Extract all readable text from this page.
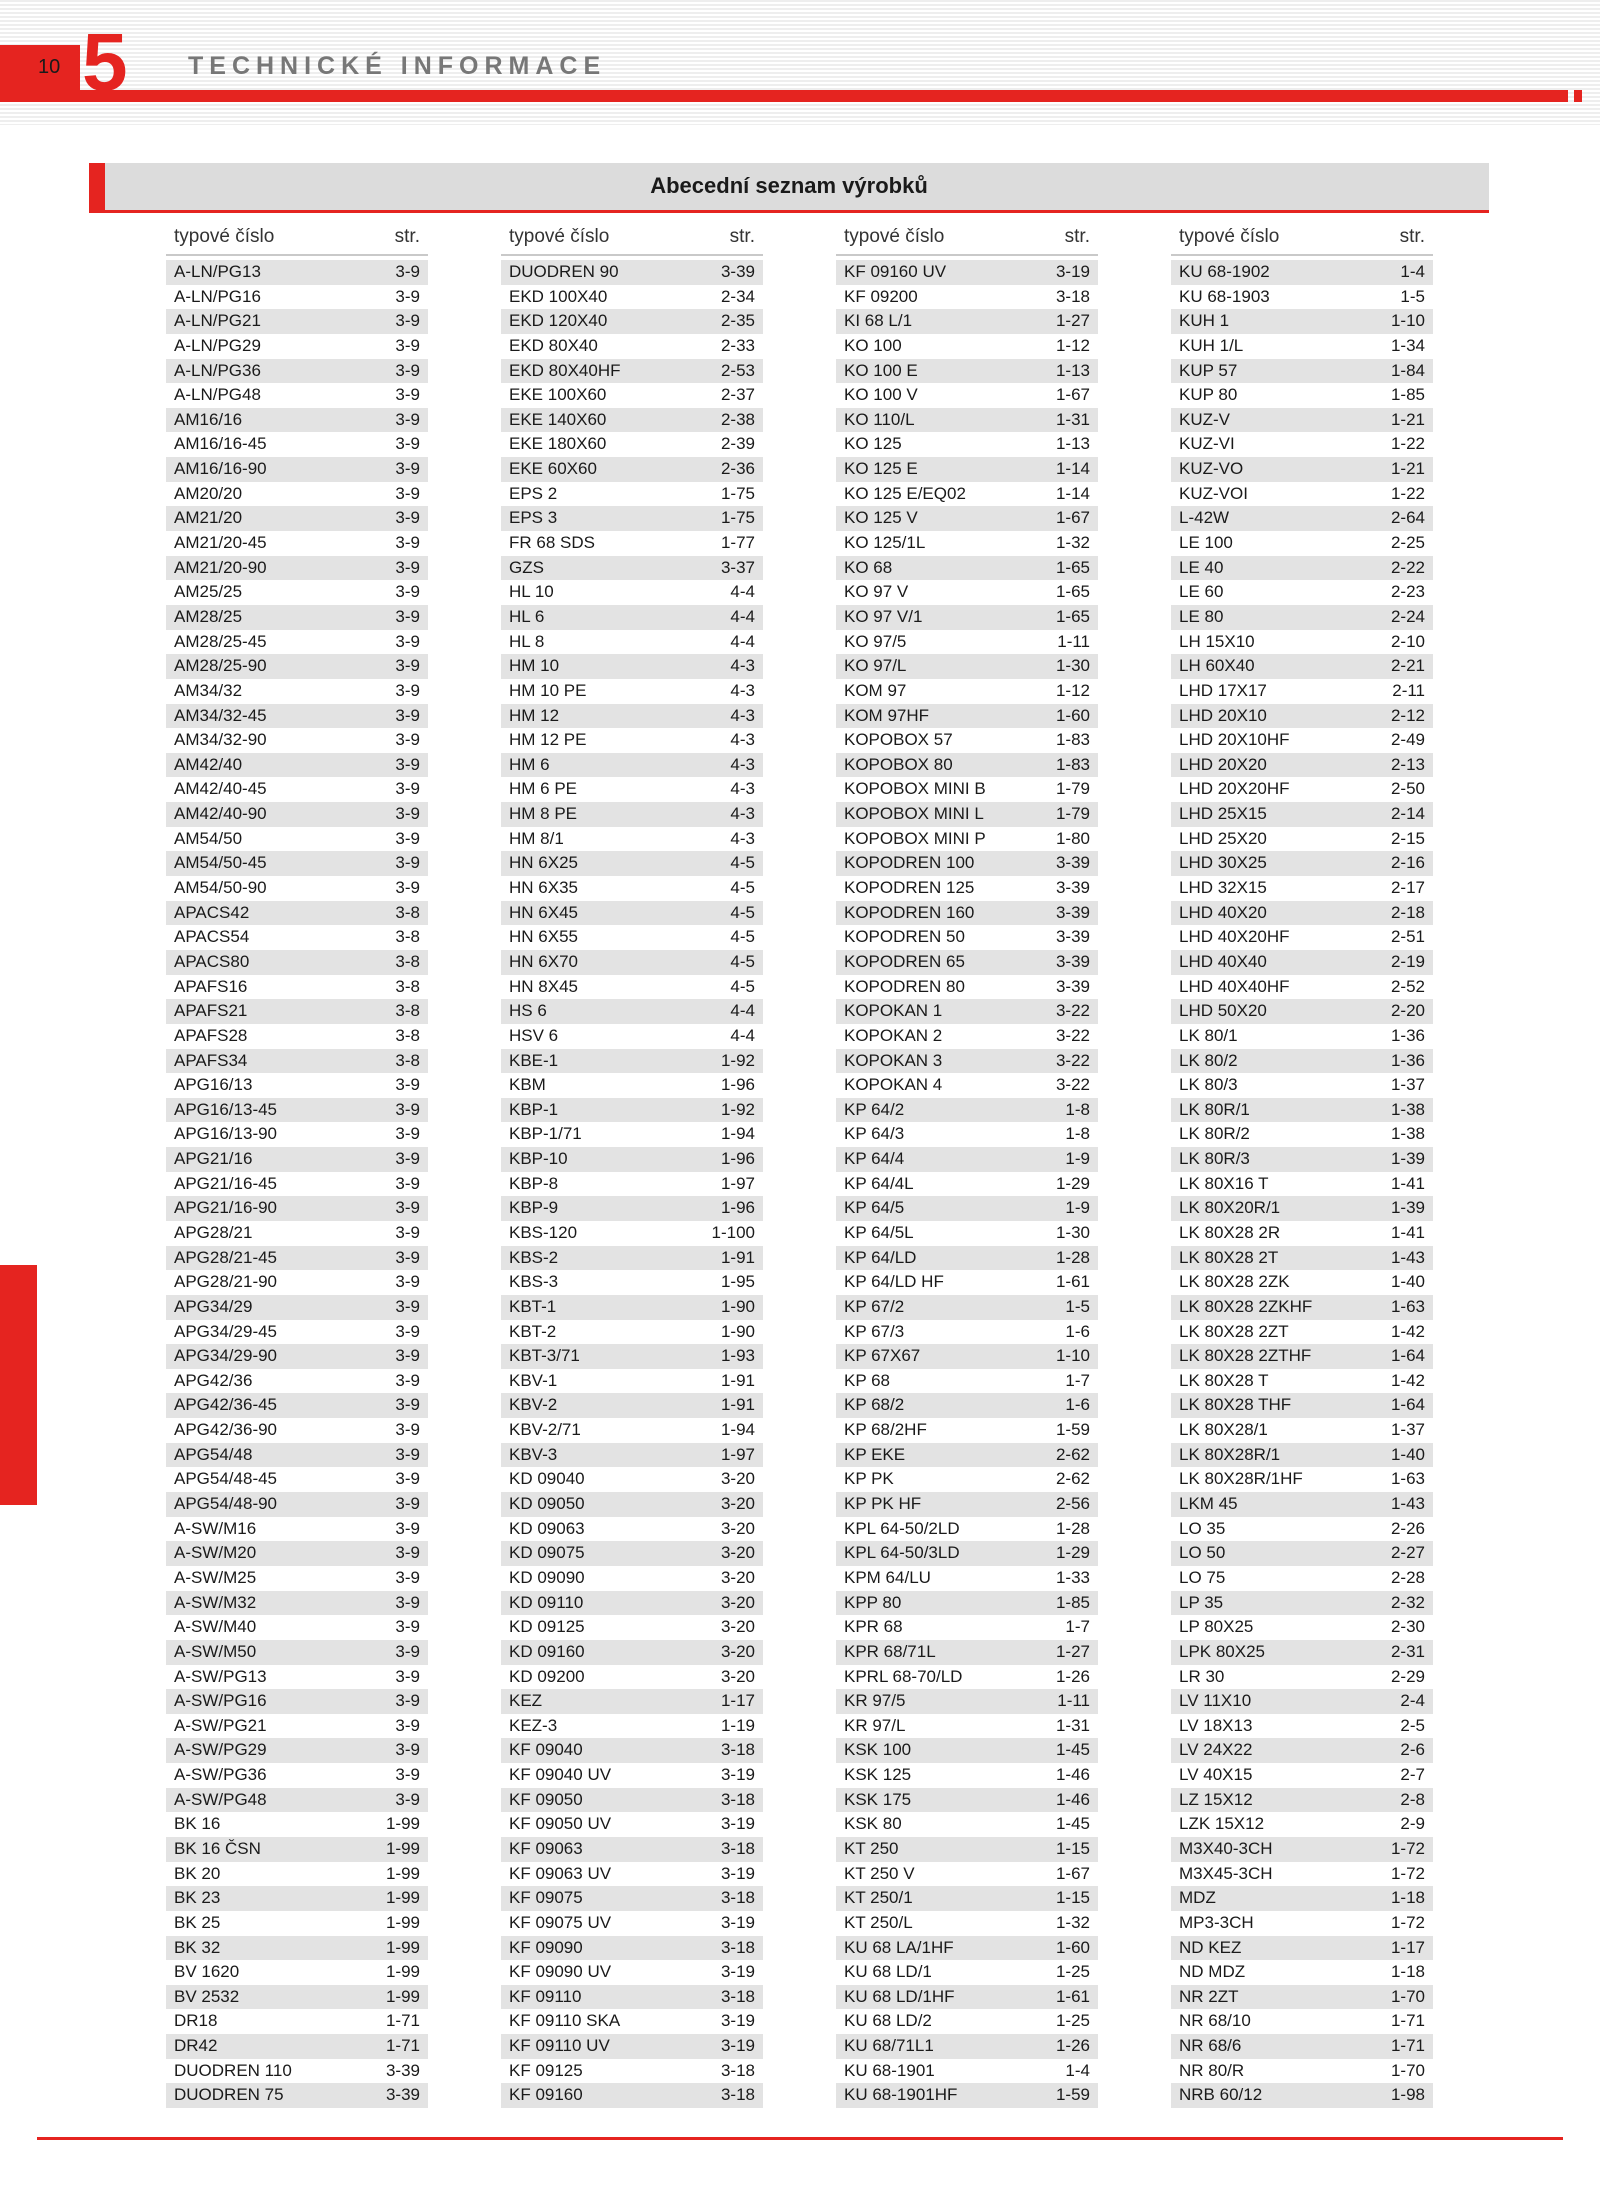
10 5 TECHNICKÉ INFORMACE
Abecední seznam výrobků
typové číslo	str.
A-LN/PG13	3-9
A-LN/PG16	3-9
A-LN/PG21	3-9
A-LN/PG29	3-9
A-LN/PG36	3-9
A-LN/PG48	3-9
AM16/16	3-9
AM16/16-45	3-9
AM16/16-90	3-9
AM20/20	3-9
AM21/20	3-9
AM21/20-45	3-9
AM21/20-90	3-9
AM25/25	3-9
AM28/25	3-9
AM28/25-45	3-9
AM28/25-90	3-9
AM34/32	3-9
AM34/32-45	3-9
AM34/32-90	3-9
AM42/40	3-9
AM42/40-45	3-9
AM42/40-90	3-9
AM54/50	3-9
AM54/50-45	3-9
AM54/50-90	3-9
APACS42	3-8
APACS54	3-8
APACS80	3-8
APAFS16	3-8
APAFS21	3-8
APAFS28	3-8
APAFS34	3-8
APG16/13	3-9
APG16/13-45	3-9
APG16/13-90	3-9
APG21/16	3-9
APG21/16-45	3-9
APG21/16-90	3-9
APG28/21	3-9
APG28/21-45	3-9
APG28/21-90	3-9
APG34/29	3-9
APG34/29-45	3-9
APG34/29-90	3-9
APG42/36	3-9
APG42/36-45	3-9
APG42/36-90	3-9
APG54/48	3-9
APG54/48-45	3-9
APG54/48-90	3-9
A-SW/M16	3-9
A-SW/M20	3-9
A-SW/M25	3-9
A-SW/M32	3-9
A-SW/M40	3-9
A-SW/M50	3-9
A-SW/PG13	3-9
A-SW/PG16	3-9
A-SW/PG21	3-9
A-SW/PG29	3-9
A-SW/PG36	3-9
A-SW/PG48	3-9
BK 16	1-99
BK 16 ČSN	1-99
BK 20	1-99
BK 23	1-99
BK 25	1-99
BK 32	1-99
BV 1620	1-99
BV 2532	1-99
DR18	1-71
DR42	1-71
DUODREN 110	3-39
DUODREN 75	3-39
typové číslo	str.
DUODREN 90	3-39
EKD 100X40	2-34
EKD 120X40	2-35
EKD 80X40	2-33
EKD 80X40HF	2-53
EKE 100X60	2-37
EKE 140X60	2-38
EKE 180X60	2-39
EKE 60X60	2-36
EPS 2	1-75
EPS 3	1-75
FR 68 SDS	1-77
GZS	3-37
HL 10	4-4
HL 6	4-4
HL 8	4-4
HM 10	4-3
HM 10 PE	4-3
HM 12	4-3
HM 12 PE	4-3
HM 6	4-3
HM 6 PE	4-3
HM 8 PE	4-3
HM 8/1	4-3
HN 6X25	4-5
HN 6X35	4-5
HN 6X45	4-5
HN 6X55	4-5
HN 6X70	4-5
HN 8X45	4-5
HS 6	4-4
HSV 6	4-4
KBE-1	1-92
KBM	1-96
KBP-1	1-92
KBP-1/71	1-94
KBP-10	1-96
KBP-8	1-97
KBP-9	1-96
KBS-120	1-100
KBS-2	1-91
KBS-3	1-95
KBT-1	1-90
KBT-2	1-90
KBT-3/71	1-93
KBV-1	1-91
KBV-2	1-91
KBV-2/71	1-94
KBV-3	1-97
KD 09040	3-20
KD 09050	3-20
KD 09063	3-20
KD 09075	3-20
KD 09090	3-20
KD 09110	3-20
KD 09125	3-20
KD 09160	3-20
KD 09200	3-20
KEZ	1-17
KEZ-3	1-19
KF 09040	3-18
KF 09040 UV	3-19
KF 09050	3-18
KF 09050 UV	3-19
KF 09063	3-18
KF 09063 UV	3-19
KF 09075	3-18
KF 09075 UV	3-19
KF 09090	3-18
KF 09090 UV	3-19
KF 09110	3-18
KF 09110 SKA	3-19
KF 09110 UV	3-19
KF 09125	3-18
KF 09160	3-18
typové číslo	str.
KF 09160 UV	3-19
KF 09200	3-18
KI 68 L/1	1-27
KO 100	1-12
KO 100 E	1-13
KO 100 V	1-67
KO 110/L	1-31
KO 125	1-13
KO 125 E	1-14
KO 125 E/EQ02	1-14
KO 125 V	1-67
KO 125/1L	1-32
KO 68	1-65
KO 97 V	1-65
KO 97 V/1	1-65
KO 97/5	1-11
KO 97/L	1-30
KOM 97	1-12
KOM 97HF	1-60
KOPOBOX 57	1-83
KOPOBOX 80	1-83
KOPOBOX MINI B	1-79
KOPOBOX MINI L	1-79
KOPOBOX MINI P	1-80
KOPODREN 100	3-39
KOPODREN 125	3-39
KOPODREN 160	3-39
KOPODREN 50	3-39
KOPODREN 65	3-39
KOPODREN 80	3-39
KOPOKAN 1	3-22
KOPOKAN 2	3-22
KOPOKAN 3	3-22
KOPOKAN 4	3-22
KP 64/2	1-8
KP 64/3	1-8
KP 64/4	1-9
KP 64/4L	1-29
KP 64/5	1-9
KP 64/5L	1-30
KP 64/LD	1-28
KP 64/LD HF	1-61
KP 67/2	1-5
KP 67/3	1-6
KP 67X67	1-10
KP 68	1-7
KP 68/2	1-6
KP 68/2HF	1-59
KP EKE	2-62
KP PK	2-62
KP PK HF	2-56
KPL 64-50/2LD	1-28
KPL 64-50/3LD	1-29
KPM 64/LU	1-33
KPP 80	1-85
KPR 68	1-7
KPR 68/71L	1-27
KPRL 68-70/LD	1-26
KR 97/5	1-11
KR 97/L	1-31
KSK 100	1-45
KSK 125	1-46
KSK 175	1-46
KSK 80	1-45
KT 250	1-15
KT 250 V	1-67
KT 250/1	1-15
KT 250/L	1-32
KU 68 LA/1HF	1-60
KU 68 LD/1	1-25
KU 68 LD/1HF	1-61
KU 68 LD/2	1-25
KU 68/71L1	1-26
KU 68-1901	1-4
KU 68-1901HF	1-59
typové číslo	str.
KU 68-1902	1-4
KU 68-1903	1-5
KUH 1	1-10
KUH 1/L	1-34
KUP 57	1-84
KUP 80	1-85
KUZ-V	1-21
KUZ-VI	1-22
KUZ-VO	1-21
KUZ-VOI	1-22
L-42W	2-64
LE 100	2-25
LE 40	2-22
LE 60	2-23
LE 80	2-24
LH 15X10	2-10
LH 60X40	2-21
LHD 17X17	2-11
LHD 20X10	2-12
LHD 20X10HF	2-49
LHD 20X20	2-13
LHD 20X20HF	2-50
LHD 25X15	2-14
LHD 25X20	2-15
LHD 30X25	2-16
LHD 32X15	2-17
LHD 40X20	2-18
LHD 40X20HF	2-51
LHD 40X40	2-19
LHD 40X40HF	2-52
LHD 50X20	2-20
LK 80/1	1-36
LK 80/2	1-36
LK 80/3	1-37
LK 80R/1	1-38
LK 80R/2	1-38
LK 80R/3	1-39
LK 80X16 T	1-41
LK 80X20R/1	1-39
LK 80X28 2R	1-41
LK 80X28 2T	1-43
LK 80X28 2ZK	1-40
LK 80X28 2ZKHF	1-63
LK 80X28 2ZT	1-42
LK 80X28 2ZTHF	1-64
LK 80X28 T	1-42
LK 80X28 THF	1-64
LK 80X28/1	1-37
LK 80X28R/1	1-40
LK 80X28R/1HF	1-63
LKM 45	1-43
LO 35	2-26
LO 50	2-27
LO 75	2-28
LP 35	2-32
LP 80X25	2-30
LPK 80X25	2-31
LR 30	2-29
LV 11X10	2-4
LV 18X13	2-5
LV 24X22	2-6
LV 40X15	2-7
LZ 15X12	2-8
LZK 15X12	2-9
M3X40-3CH	1-72
M3X45-3CH	1-72
MDZ	1-18
MP3-3CH	1-72
ND KEZ	1-17
ND MDZ	1-18
NR 2ZT	1-70
NR 68/10	1-71
NR 68/6	1-71
NR 80/R	1-70
NRB 60/12	1-98
